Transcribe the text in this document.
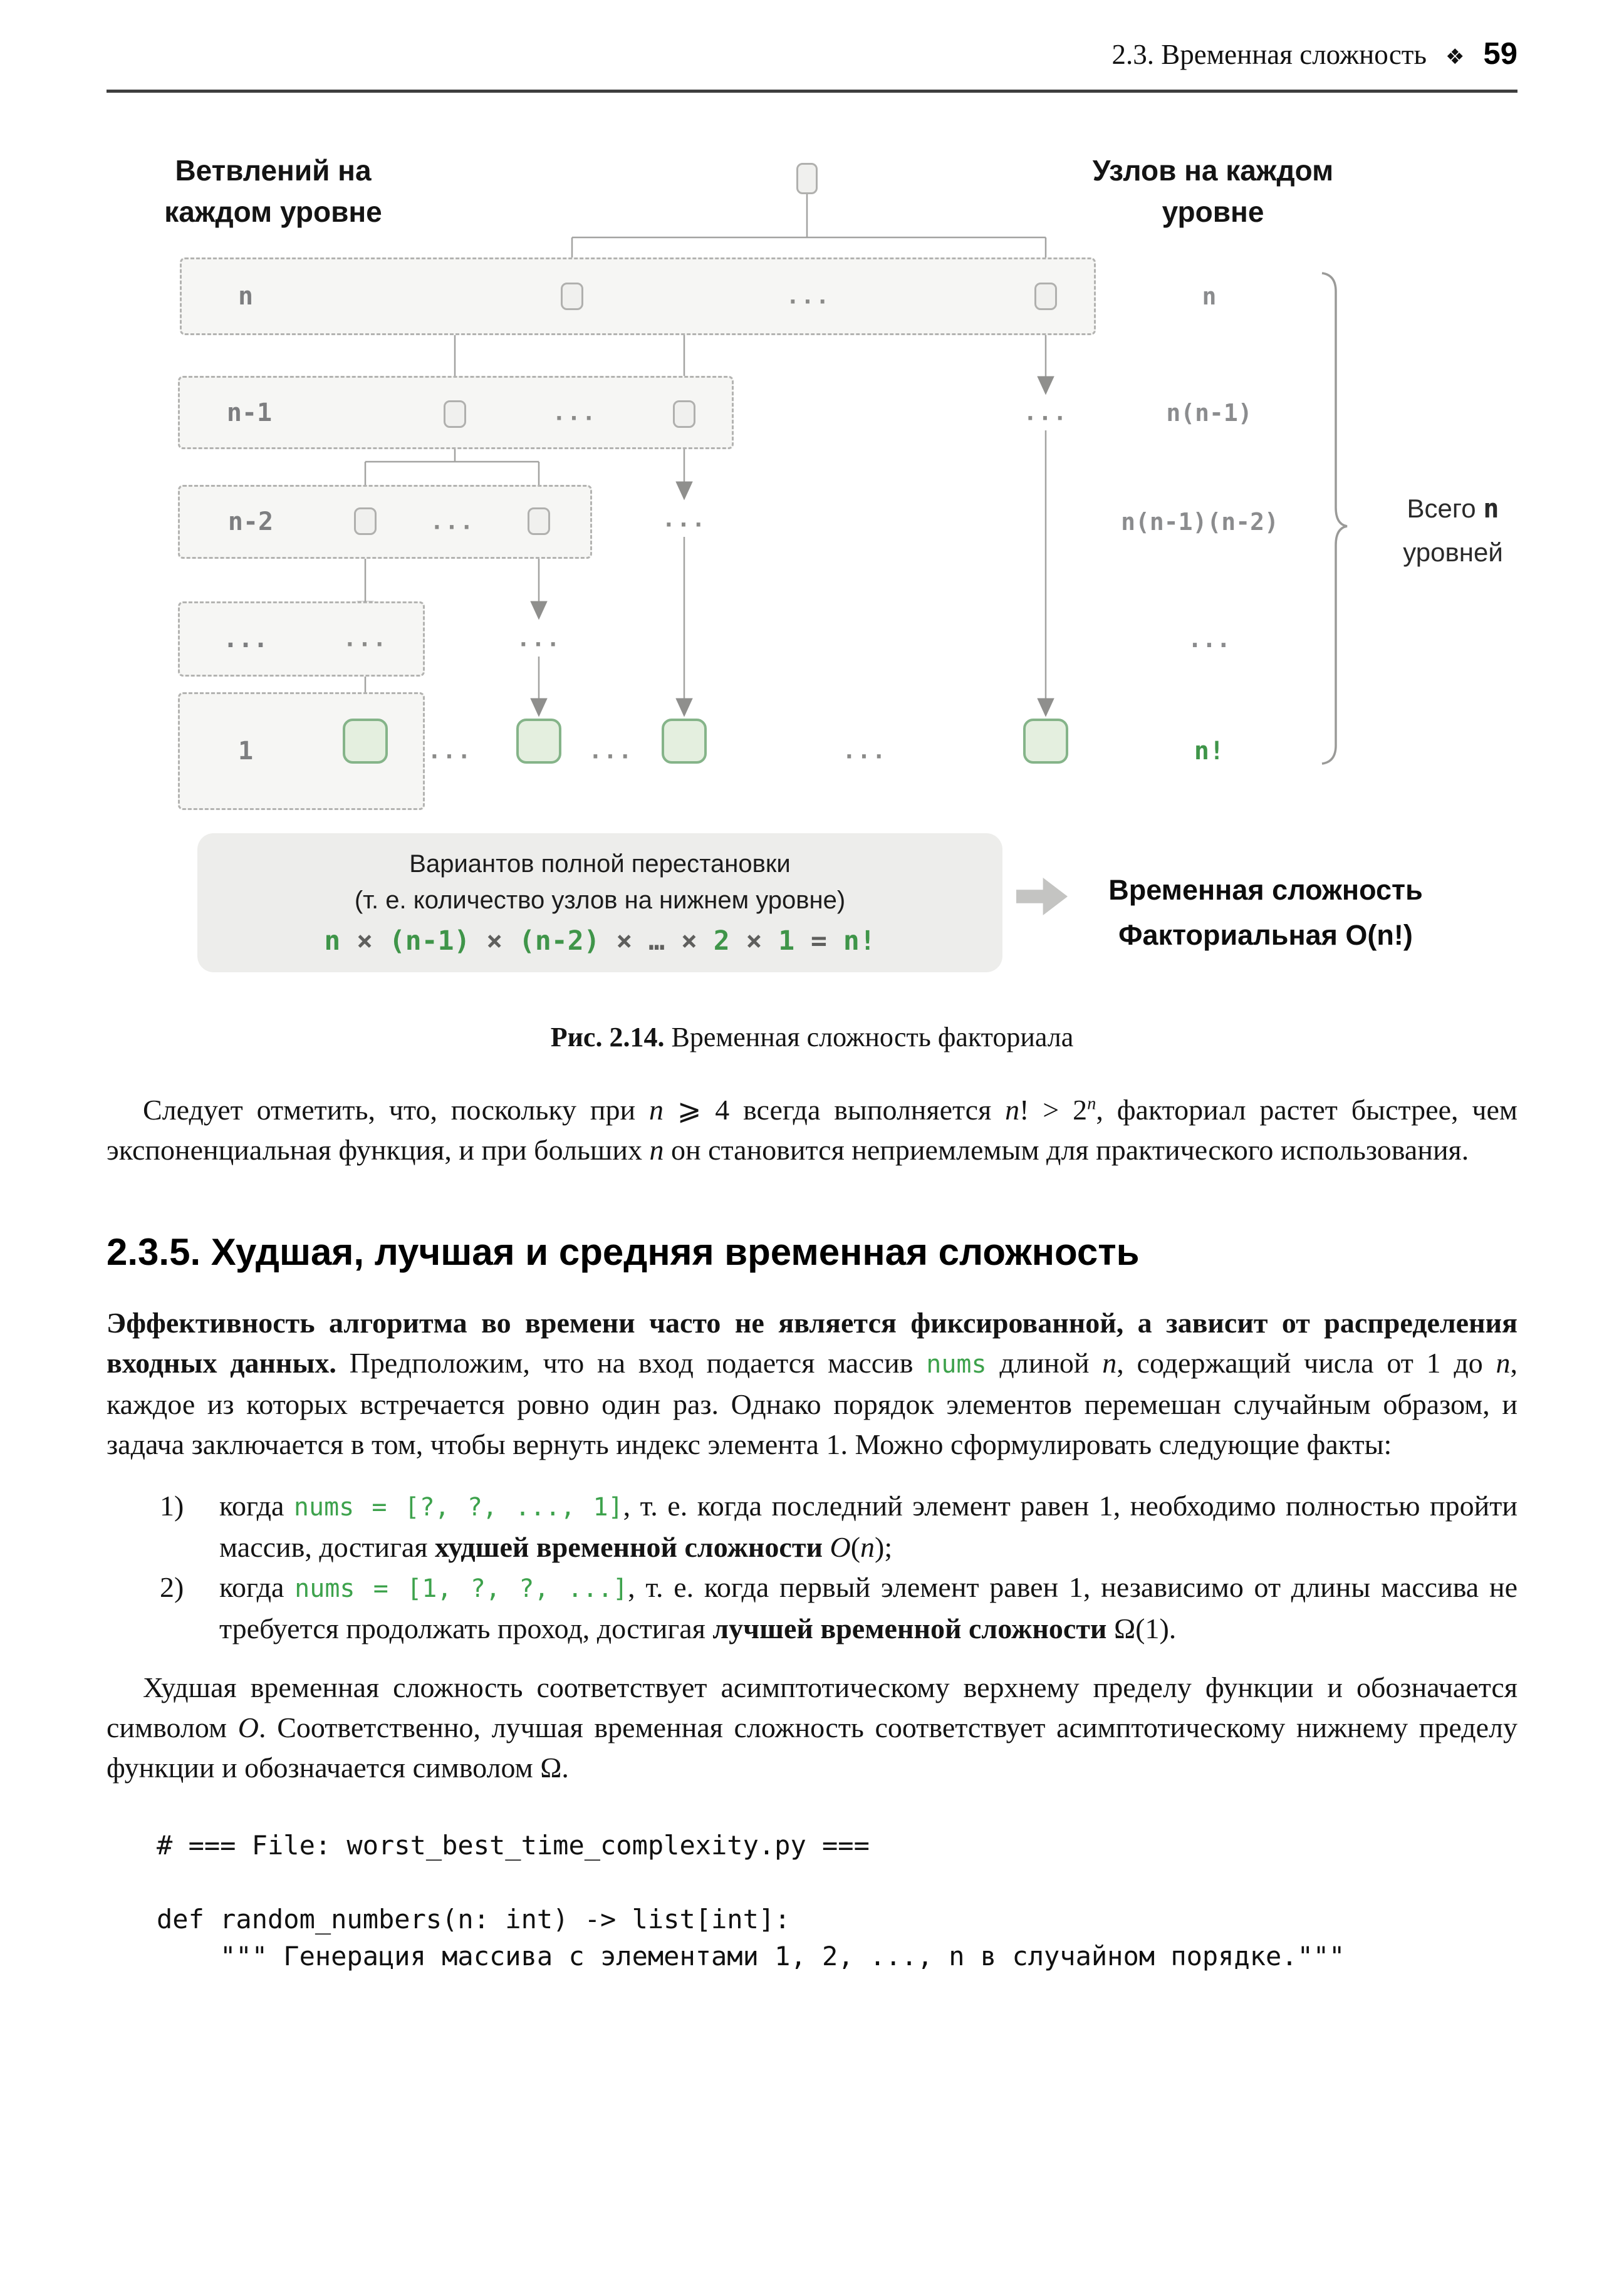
2.3. Временная сложность ❖ 59
Ветвлений на
каждом уровне
Узлов на каждом
уровне
n
n-1
n-2
...
1
...
...	...
...	...
...	...
...	...	...
n
n(n-1)
n(n-1)(n-2)
...
n!
Всего n
уровней
Вариантов полной перестановки
(т. е. количество узлов на нижнем уровне)
n × (n-1) × (n-2) × … × 2 × 1 = n!
Временная сложность
Факториальная O(n!)
Рис. 2.14. Временная сложность факториала

Следует отметить, что, поскольку при n ⩾ 4 всегда выполняется n! > $2^n$, факториал растет быстрее, чем экспоненциальная функция, и при больших n он становится неприемлемым для практического использования.

2.3.5. Худшая, лучшая и средняя временная сложность

Эффективность алгоритма во времени часто не является фиксированной, а зависит от распределения входных данных. Предположим, что на вход подается массив nums длиной n, содержащий числа от 1 до n, каждое из которых встречается ровно один раз. Однако порядок элементов перемешан случайным образом, и задача заключается в том, чтобы вернуть индекс элемента 1. Можно сформулировать следующие факты:

1)	когда nums = [?, ?, ..., 1], т. е. когда последний элемент равен 1, необходимо полностью пройти массив, достигая худшей временной сложности O(n);
2)	когда nums = [1, ?, ?, ...], т. е. когда первый элемент равен 1, независимо от длины массива не требуется продолжать проход, достигая лучшей временной сложности Ω(1).

Худшая временная сложность соответствует асимптотическому верхнему пределу функции и обозначается символом O. Соответственно, лучшая временная сложность соответствует асимптотическому нижнему пределу функции и обозначается символом Ω.

# === File: worst_best_time_complexity.py ===
def random_numbers(n: int) -> list[int]:
""" Генерация массива с элементами 1, 2, ..., n в случайном порядке."""
